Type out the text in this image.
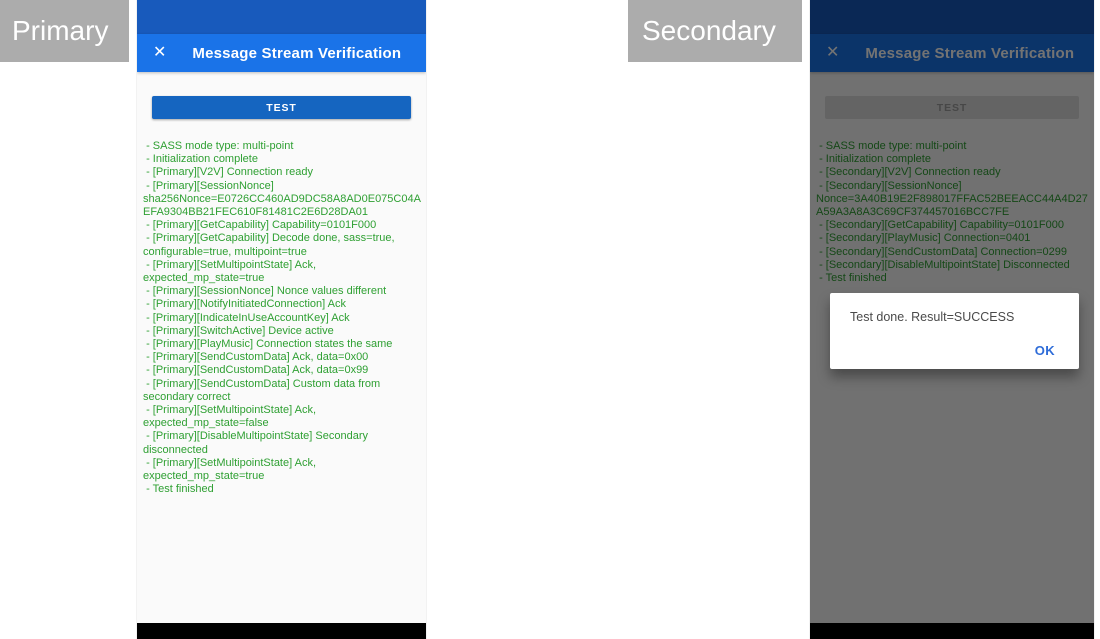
Primary
✕ Message Stream Verification
TEST
- SASS mode type: multi-point
- Initialization complete
- [Primary][V2V] Connection ready
- [Primary][SessionNonce] sha256Nonce=E0726CC460AD9DC58A8AD0E075C04AEFA9304BB21FEC610F81481C2E6D28DA01
- [Primary][GetCapability] Capability=0101F000
- [Primary][GetCapability] Decode done, sass=true, configurable=true, multipoint=true
- [Primary][SetMultipointState] Ack, expected_mp_state=true
- [Primary][SessionNonce] Nonce values different
- [Primary][NotifyInitiatedConnection] Ack
- [Primary][IndicateInUseAccountKey] Ack
- [Primary][SwitchActive] Device active
- [Primary][PlayMusic] Connection states the same
- [Primary][SendCustomData] Ack, data=0x00
- [Primary][SendCustomData] Ack, data=0x99
- [Primary][SendCustomData] Custom data from secondary correct
- [Primary][SetMultipointState] Ack, expected_mp_state=false
- [Primary][DisableMultipointState] Secondary disconnected
- [Primary][SetMultipointState] Ack, expected_mp_state=true
- Test finished
Secondary
Test done. Result=SUCCESS
OK
